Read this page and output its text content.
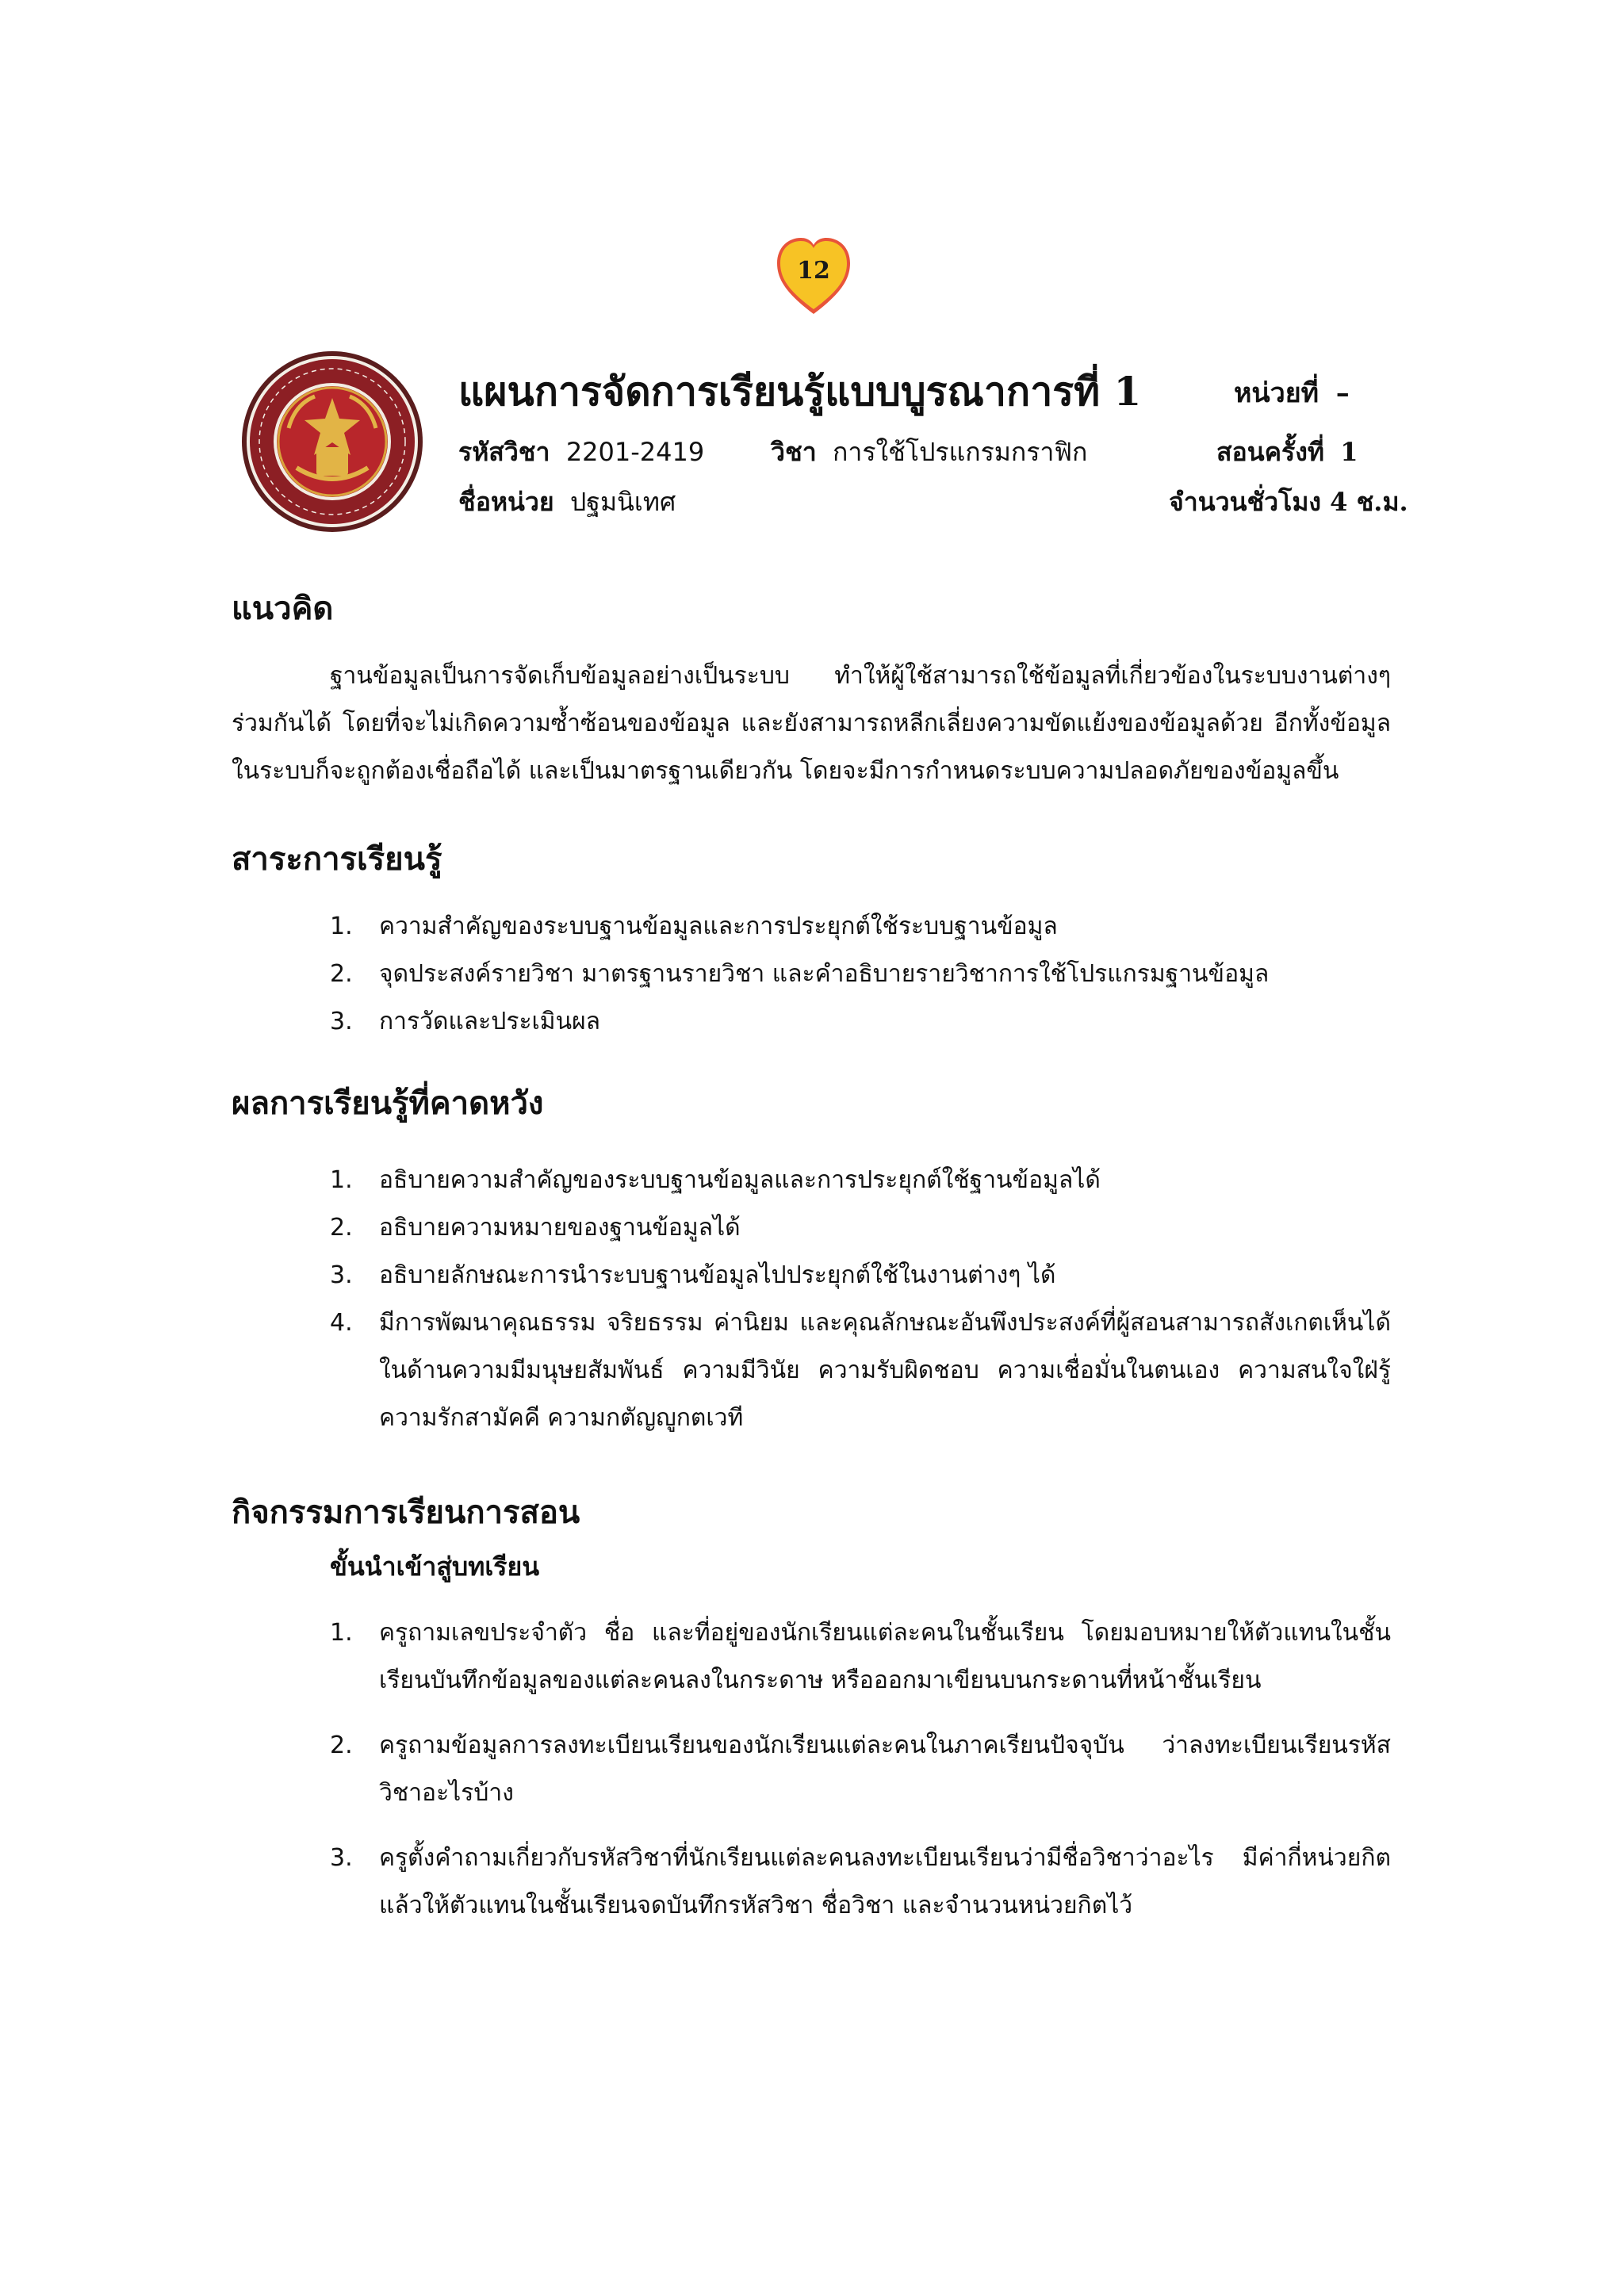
12
แผนการจัดการเรียนรู้แบบบูรณาการที่ 1	หน่วยที่ –
รหัสวิชา 2201-2419	วิชา การใช้โปรแกรมกราฟิก	สอนครั้งที่ 1
ชื่อหน่วย ปฐมนิเทศ	จำนวนชั่วโมง 4 ช.ม.
แนวคิด

ฐานข้อมูลเป็นการจัดเก็บข้อมูลอย่างเป็นระบบ ทำให้ผู้ใช้สามารถใช้ข้อมูลที่เกี่ยวข้องในระบบงานต่างๆ ร่วมกันได้ โดยที่จะไม่เกิดความซ้ำซ้อนของข้อมูล และยังสามารถหลีกเลี่ยงความขัดแย้งของข้อมูลด้วย อีกทั้งข้อมูลในระบบก็จะถูกต้องเชื่อถือได้ และเป็นมาตรฐานเดียวกัน โดยจะมีการกำหนดระบบความปลอดภัยของข้อมูลขึ้น

สาระการเรียนรู้
1. ความสำคัญของระบบฐานข้อมูลและการประยุกต์ใช้ระบบฐานข้อมูล
2. จุดประสงค์รายวิชา มาตรฐานรายวิชา และคำอธิบายรายวิชาการใช้โปรแกรมฐานข้อมูล
3. การวัดและประเมินผล
ผลการเรียนรู้ที่คาดหวัง
1. อธิบายความสำคัญของระบบฐานข้อมูลและการประยุกต์ใช้ฐานข้อมูลได้
2. อธิบายความหมายของฐานข้อมูลได้
3. อธิบายลักษณะการนำระบบฐานข้อมูลไปประยุกต์ใช้ในงานต่างๆ ได้
4. มีการพัฒนาคุณธรรม จริยธรรม ค่านิยม และคุณลักษณะอันพึงประสงค์ที่ผู้สอนสามารถสังเกตเห็นได้ ในด้านความมีมนุษยสัมพันธ์ ความมีวินัย ความรับผิดชอบ ความเชื่อมั่นในตนเอง ความสนใจใฝ่รู้ ความรักสามัคคี ความกตัญญูกตเวที
กิจกรรมการเรียนการสอน
ขั้นนำเข้าสู่บทเรียน
1. ครูถามเลขประจำตัว ชื่อ และที่อยู่ของนักเรียนแต่ละคนในชั้นเรียน โดยมอบหมายให้ตัวแทนในชั้นเรียนบันทึกข้อมูลของแต่ละคนลงในกระดาษ หรือออกมาเขียนบนกระดานที่หน้าชั้นเรียน
2. ครูถามข้อมูลการลงทะเบียนเรียนของนักเรียนแต่ละคนในภาคเรียนปัจจุบัน ว่าลงทะเบียนเรียนรหัสวิชาอะไรบ้าง
3. ครูตั้งคำถามเกี่ยวกับรหัสวิชาที่นักเรียนแต่ละคนลงทะเบียนเรียนว่ามีชื่อวิชาว่าอะไร มีค่ากี่หน่วยกิต แล้วให้ตัวแทนในชั้นเรียนจดบันทึกรหัสวิชา ชื่อวิชา และจำนวนหน่วยกิตไว้
